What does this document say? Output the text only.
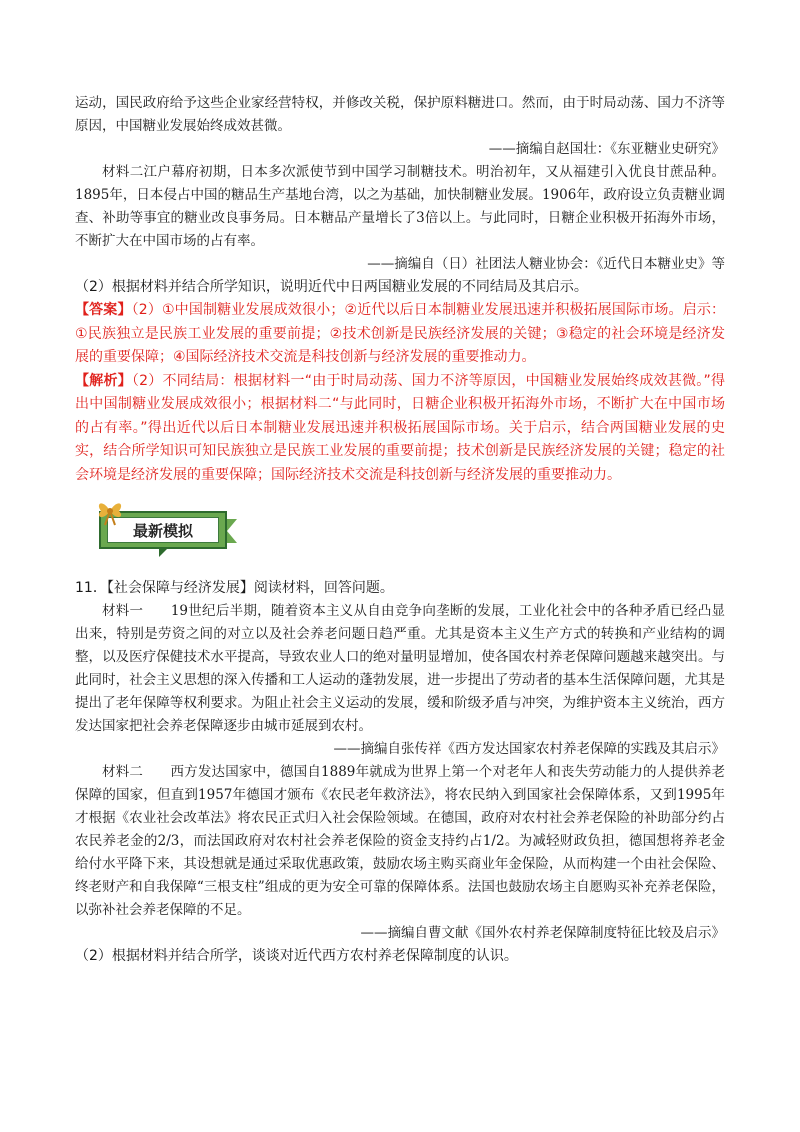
运动，国民政府给予这些企业家经营特权，并修改关税，保护原料糖进口。然而，由于时局动荡、国力不济等原因，中国糖业发展始终成效甚微。

——摘编自赵国壮：《东亚糖业史研究》

材料二江户幕府初期，日本多次派使节到中国学习制糖技术。明治初年，又从福建引入优良甘蔗品种。1895年，日本侵占中国的糖品生产基地台湾，以之为基础，加快制糖业发展。1906年，政府设立负责糖业调查、补助等事宜的糖业改良事务局。日本糖品产量增长了3倍以上。与此同时，日糖企业积极开拓海外市场，不断扩大在中国市场的占有率。

——摘编自（日）社团法人糖业协会：《近代日本糖业史》等

（2）根据材料并结合所学知识，说明近代中日两国糖业发展的不同结局及其启示。

【答案】（2）①中国制糖业发展成效很小；②近代以后日本制糖业发展迅速并积极拓展国际市场。启示：①民族独立是民族工业发展的重要前提；②技术创新是民族经济发展的关键；③稳定的社会环境是经济发展的重要保障；④国际经济技术交流是科技创新与经济发展的重要推动力。

【解析】（2）不同结局：根据材料一“由于时局动荡、国力不济等原因，中国糖业发展始终成效甚微。”得出中国制糖业发展成效很小；根据材料二“与此同时，日糖企业积极开拓海外市场，不断扩大在中国市场的占有率。”得出近代以后日本制糖业发展迅速并积极拓展国际市场。关于启示，结合两国糖业发展的史实，结合所学知识可知民族独立是民族工业发展的重要前提；技术创新是民族经济发展的关键；稳定的社会环境是经济发展的重要保障；国际经济技术交流是科技创新与经济发展的重要推动力。

最新模拟

11．【社会保障与经济发展】阅读材料，回答问题。

材料一　　19世纪后半期，随着资本主义从自由竞争向垄断的发展，工业化社会中的各种矛盾已经凸显出来，特别是劳资之间的对立以及社会养老问题日趋严重。尤其是资本主义生产方式的转换和产业结构的调整，以及医疗保健技术水平提高，导致农业人口的绝对量明显增加，使各国农村养老保障问题越来越突出。与此同时，社会主义思想的深入传播和工人运动的蓬勃发展，进一步提出了劳动者的基本生活保障问题，尤其是提出了老年保障等权利要求。为阻止社会主义运动的发展，缓和阶级矛盾与冲突，为维护资本主义统治，西方发达国家把社会养老保障逐步由城市延展到农村。

——摘编自张传祥《西方发达国家农村养老保障的实践及其启示》

材料二　　西方发达国家中，德国自1889年就成为世界上第一个对老年人和丧失劳动能力的人提供养老保障的国家，但直到1957年德国才颁布《农民老年救济法》，将农民纳入到国家社会保障体系，又到1995年才根据《农业社会改革法》将农民正式归入社会保险领域。在德国，政府对农村社会养老保险的补助部分约占农民养老金的2/3，而法国政府对农村社会养老保险的资金支持约占1/2。为减轻财政负担，德国想将养老金给付水平降下来，其设想就是通过采取优惠政策，鼓励农场主购买商业年金保险，从而构建一个由社会保险、终老财产和自我保障“三根支柱”组成的更为安全可靠的保障体系。法国也鼓励农场主自愿购买补充养老保险，以弥补社会养老保障的不足。

——摘编自曹文献《国外农村养老保障制度特征比较及启示》

（2）根据材料并结合所学，谈谈对近代西方农村养老保障制度的认识。
